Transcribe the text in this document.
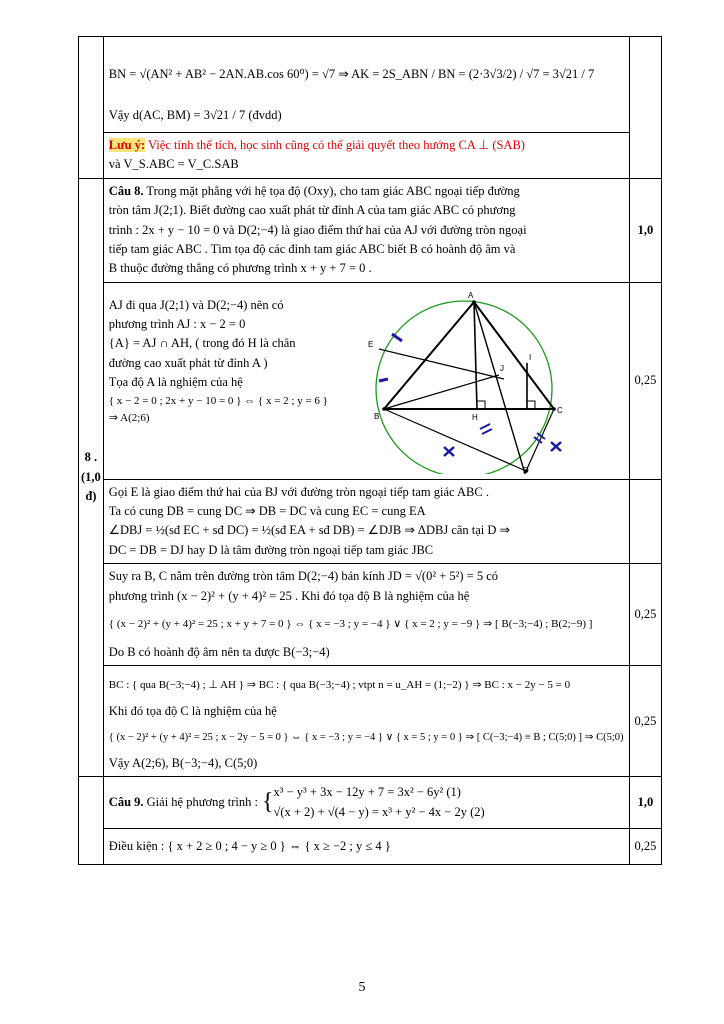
BN = √(AN² + AB² − 2AN.AB.cos 60⁰) = √7 ⇒ AK = 2S_ABN / BN = (2·3√3/2) / √7 = 3√21 / 7
Vậy d(AC, BM) = 3√21 / 7 (đvdd)

Lưu ý: Việc tính thể tích, học sinh cũng có thể giải quyết theo hướng CA ⊥ (SAB)
và V_S.ABC = V_C.SAB

8 .(1,0 đ)	
Câu 8. Trong mặt phẳng với hệ tọa độ (Oxy), cho tam giác ABC ngoại tiếp đường
tròn tâm J(2;1). Biết đường cao xuất phát từ đỉnh A của tam giác ABC có phương
trình : 2x + y − 10 = 0 và D(2;−4) là giao điểm thứ hai của AJ với đường tròn ngoại
tiếp tam giác ABC . Tìm tọa độ các đỉnh tam giác ABC biết B có hoành độ âm và
B thuộc đường thẳng có phương trình x + y + 7 = 0 .
	1,0

AJ đi qua J(2;1) và D(2;−4) nên có
phương trình AJ : x − 2 = 0
{A} = AJ ∩ AH, ( trong đó H là chân
đường cao xuất phát từ đỉnh A )
Tọa độ A là nghiệm của hệ
{ x − 2 = 0 ; 2x + y − 10 = 0 } ⇔ { x = 2 ; y = 6 } ⇒ A(2;6)
A
E
J
I
B	H
C
D
	0,25

Gọi E là giao điểm thứ hai của BJ với đường tròn ngoại tiếp tam giác ABC .
Ta có cung DB = cung DC ⇒ DB = DC và cung EC = cung EA
∠DBJ = ½(sđ EC + sđ DC) = ½(sđ EA + sđ DB) = ∠DJB ⇒ ΔDBJ cân tại D ⇒
DC = DB = DJ hay D là tâm đường tròn ngoại tiếp tam giác JBC

Suy ra B, C nằm trên đường tròn tâm D(2;−4) bán kính JD = √(0² + 5²) = 5 có
phương trình (x − 2)² + (y + 4)² = 25 . Khi đó tọa độ B là nghiệm của hệ
{ (x − 2)² + (y + 4)² = 25 ; x + y + 7 = 0 } ⇔ { x = −3 ; y = −4 } ∨ { x = 2 ; y = −9 } ⇒ [ B(−3;−4) ; B(2;−9) ]
Do B có hoành độ âm nên ta được B(−3;−4)
	0,25

BC : { qua B(−3;−4) ; ⊥ AH } ⇒ BC : { qua B(−3;−4) ; vtpt n = u_AH = (1;−2) } ⇒ BC : x − 2y − 5 = 0
Khi đó tọa độ C là nghiệm của hệ
{ (x − 2)² + (y + 4)² = 25 ; x − 2y − 5 = 0 } ⇔ { x = −3 ; y = −4 } ∨ { x = 5 ; y = 0 } ⇒ [ C(−3;−4) ≡ B ; C(5;0) ] ⇒ C(5;0)
Vậy A(2;6), B(−3;−4), C(5;0)
	0,25

Câu 9. Giải hệ phương trình :	{	x³ − y³ + 3x − 12y + 7 = 3x² − 6y² (1)
√(x + 2) + √(4 − y) = x³ + y² − 4x − 2y (2)
	1,0
Điều kiện : { x + 2 ≥ 0 ; 4 − y ≥ 0 } ⇔ { x ≥ −2 ; y ≤ 4 }	0,25
5
